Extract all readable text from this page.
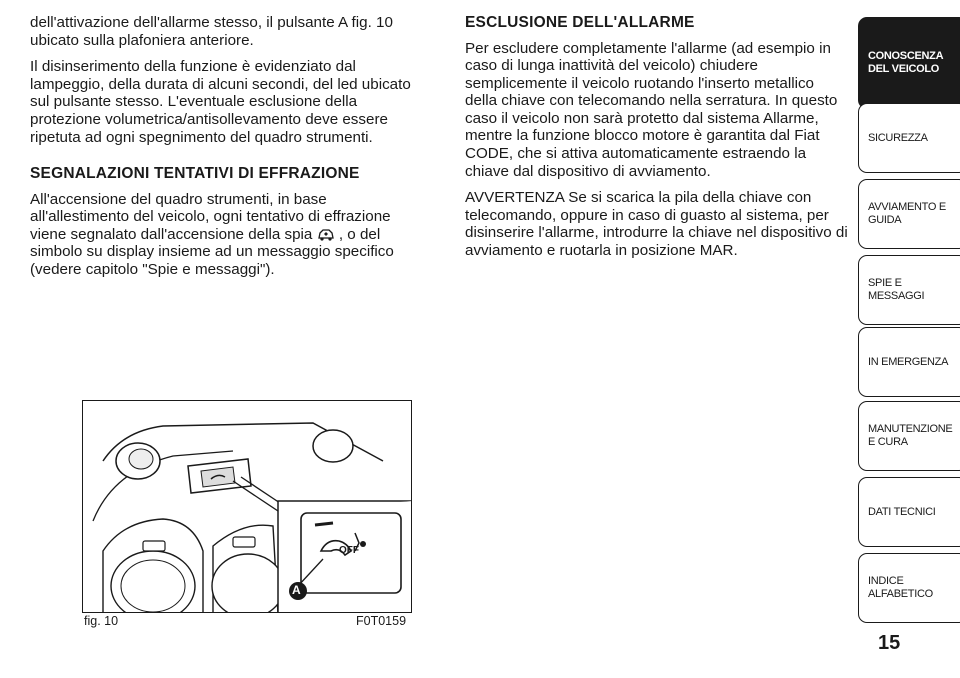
dell'attivazione dell'allarme stesso, il pulsante A fig. 10 ubicato sulla plafoniera anteriore.

Il disinserimento della funzione è evidenziato dal lampeggio, della durata di alcuni secondi, del led ubicato sul pulsante stesso. L'eventuale esclusione della protezione volumetrica/antisollevamento deve essere ripetuta ad ogni spegnimento del quadro strumenti.

SEGNALAZIONI TENTATIVI DI EFFRAZIONE

All'accensione del quadro strumenti, in base all'allestimento del veicolo, ogni tentativo di effrazione viene segnalato dall'accensione della spia , o del simbolo su display insieme ad un messaggio specifico (vedere capitolo "Spie e messaggi").

ESCLUSIONE DELL'ALLARME

Per escludere completamente l'allarme (ad esempio in caso di lunga inattività del veicolo) chiudere semplicemente il veicolo ruotando l'inserto metallico della chiave con telecomando nella serratura. In questo caso il veicolo non sarà protetto dal sistema Allarme, mentre la funzione blocco motore è garantita dal Fiat CODE, che si attiva automaticamente estraendo la chiave dal dispositivo di avviamento.

AVVERTENZA Se si scarica la pila della chiave con telecomando, oppure in caso di guasto al sistema, per disinserire l'allarme, introdurre la chiave nel dispositivo di avviamento e ruotarla in posizione MAR.

OFF
A
fig. 10	F0T0159
CONOSCENZA DEL VEICOLO
SICUREZZA
AVVIAMENTO E GUIDA
SPIE E MESSAGGI
IN EMERGENZA
MANUTENZIONE E CURA
DATI TECNICI
INDICE ALFABETICO
15
